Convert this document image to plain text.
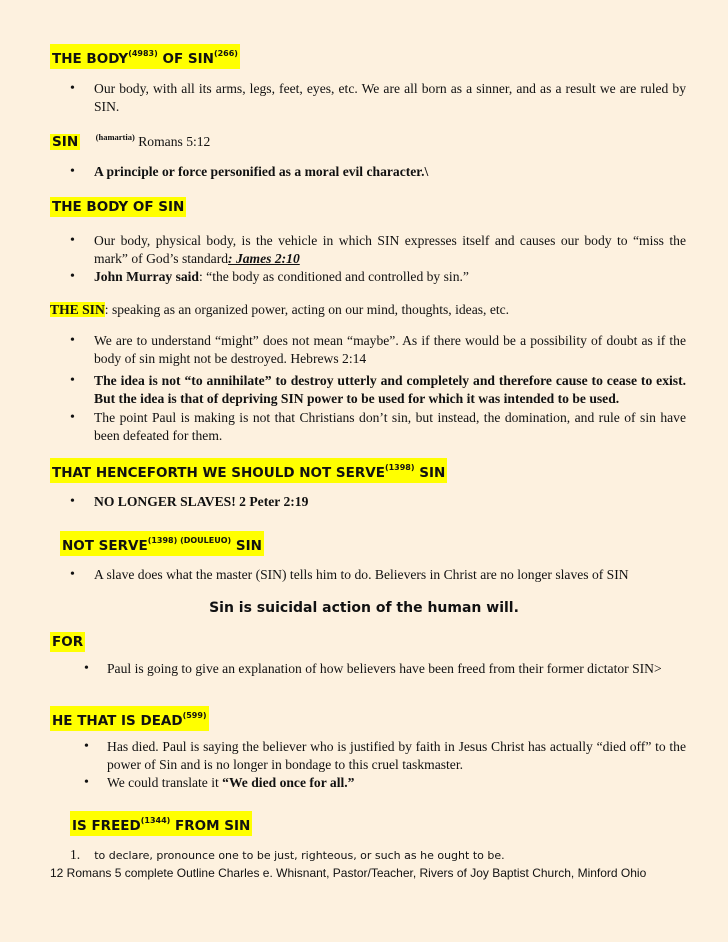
THE $BODY^{(4983)}$ OF SIN$^{(266)}$
• Our body, with all its arms, legs, feet, eyes, etc. We are all born as a sinner, and as a result we are ruled by SIN.
SIN $^{(hamartia)}$ Romans 5:12
• A principle or force personified as a moral evil character.\
THE BODY OF SIN
• Our body, physical body, is the vehicle in which SIN expresses itself and causes our body to “miss the mark” of God’s standard: James 2:10
• John Murray said: “the body as conditioned and controlled by sin.”
THE SIN: speaking as an organized power, acting on our mind, thoughts, ideas, etc.
• We are to understand “might” does not mean “maybe”. As if there would be a possibility of doubt as if the body of sin might not be destroyed. Hebrews 2:14
• The idea is not “to annihilate” to destroy utterly and completely and therefore cause to cease to exist. But the idea is that of depriving SIN power to be used for which it was intended to be used.
• The point Paul is making is not that Christians don’t sin, but instead, the domination, and rule of sin have been defeated for them.
THAT HENCEFORTH WE SHOULD NOT $SERVE^{(1398)}$ SIN
• NO LONGER SLAVES! 2 Peter 2:19
NOT $SERVE^{(1398) (DOULEUO)}$ SIN
• A slave does what the master (SIN) tells him to do. Believers in Christ are no longer slaves of SIN
Sin is suicidal action of the human will.
FOR
• Paul is going to give an explanation of how believers have been freed from their former dictator SIN>
HE THAT IS DEAD$^{(599)}$
• Has died. Paul is saying the believer who is justified by faith in Jesus Christ has actually “died off” to the power of Sin and is no longer in bondage to this cruel taskmaster.
• We could translate it “We died once for all.”
IS $FREED^{(1344)}$ FROM SIN
1. to declare, pronounce one to be just, righteous, or such as he ought to be.
12 Romans 5 complete Outline Charles e. Whisnant, Pastor/Teacher, Rivers of Joy Baptist Church, Minford Ohio
